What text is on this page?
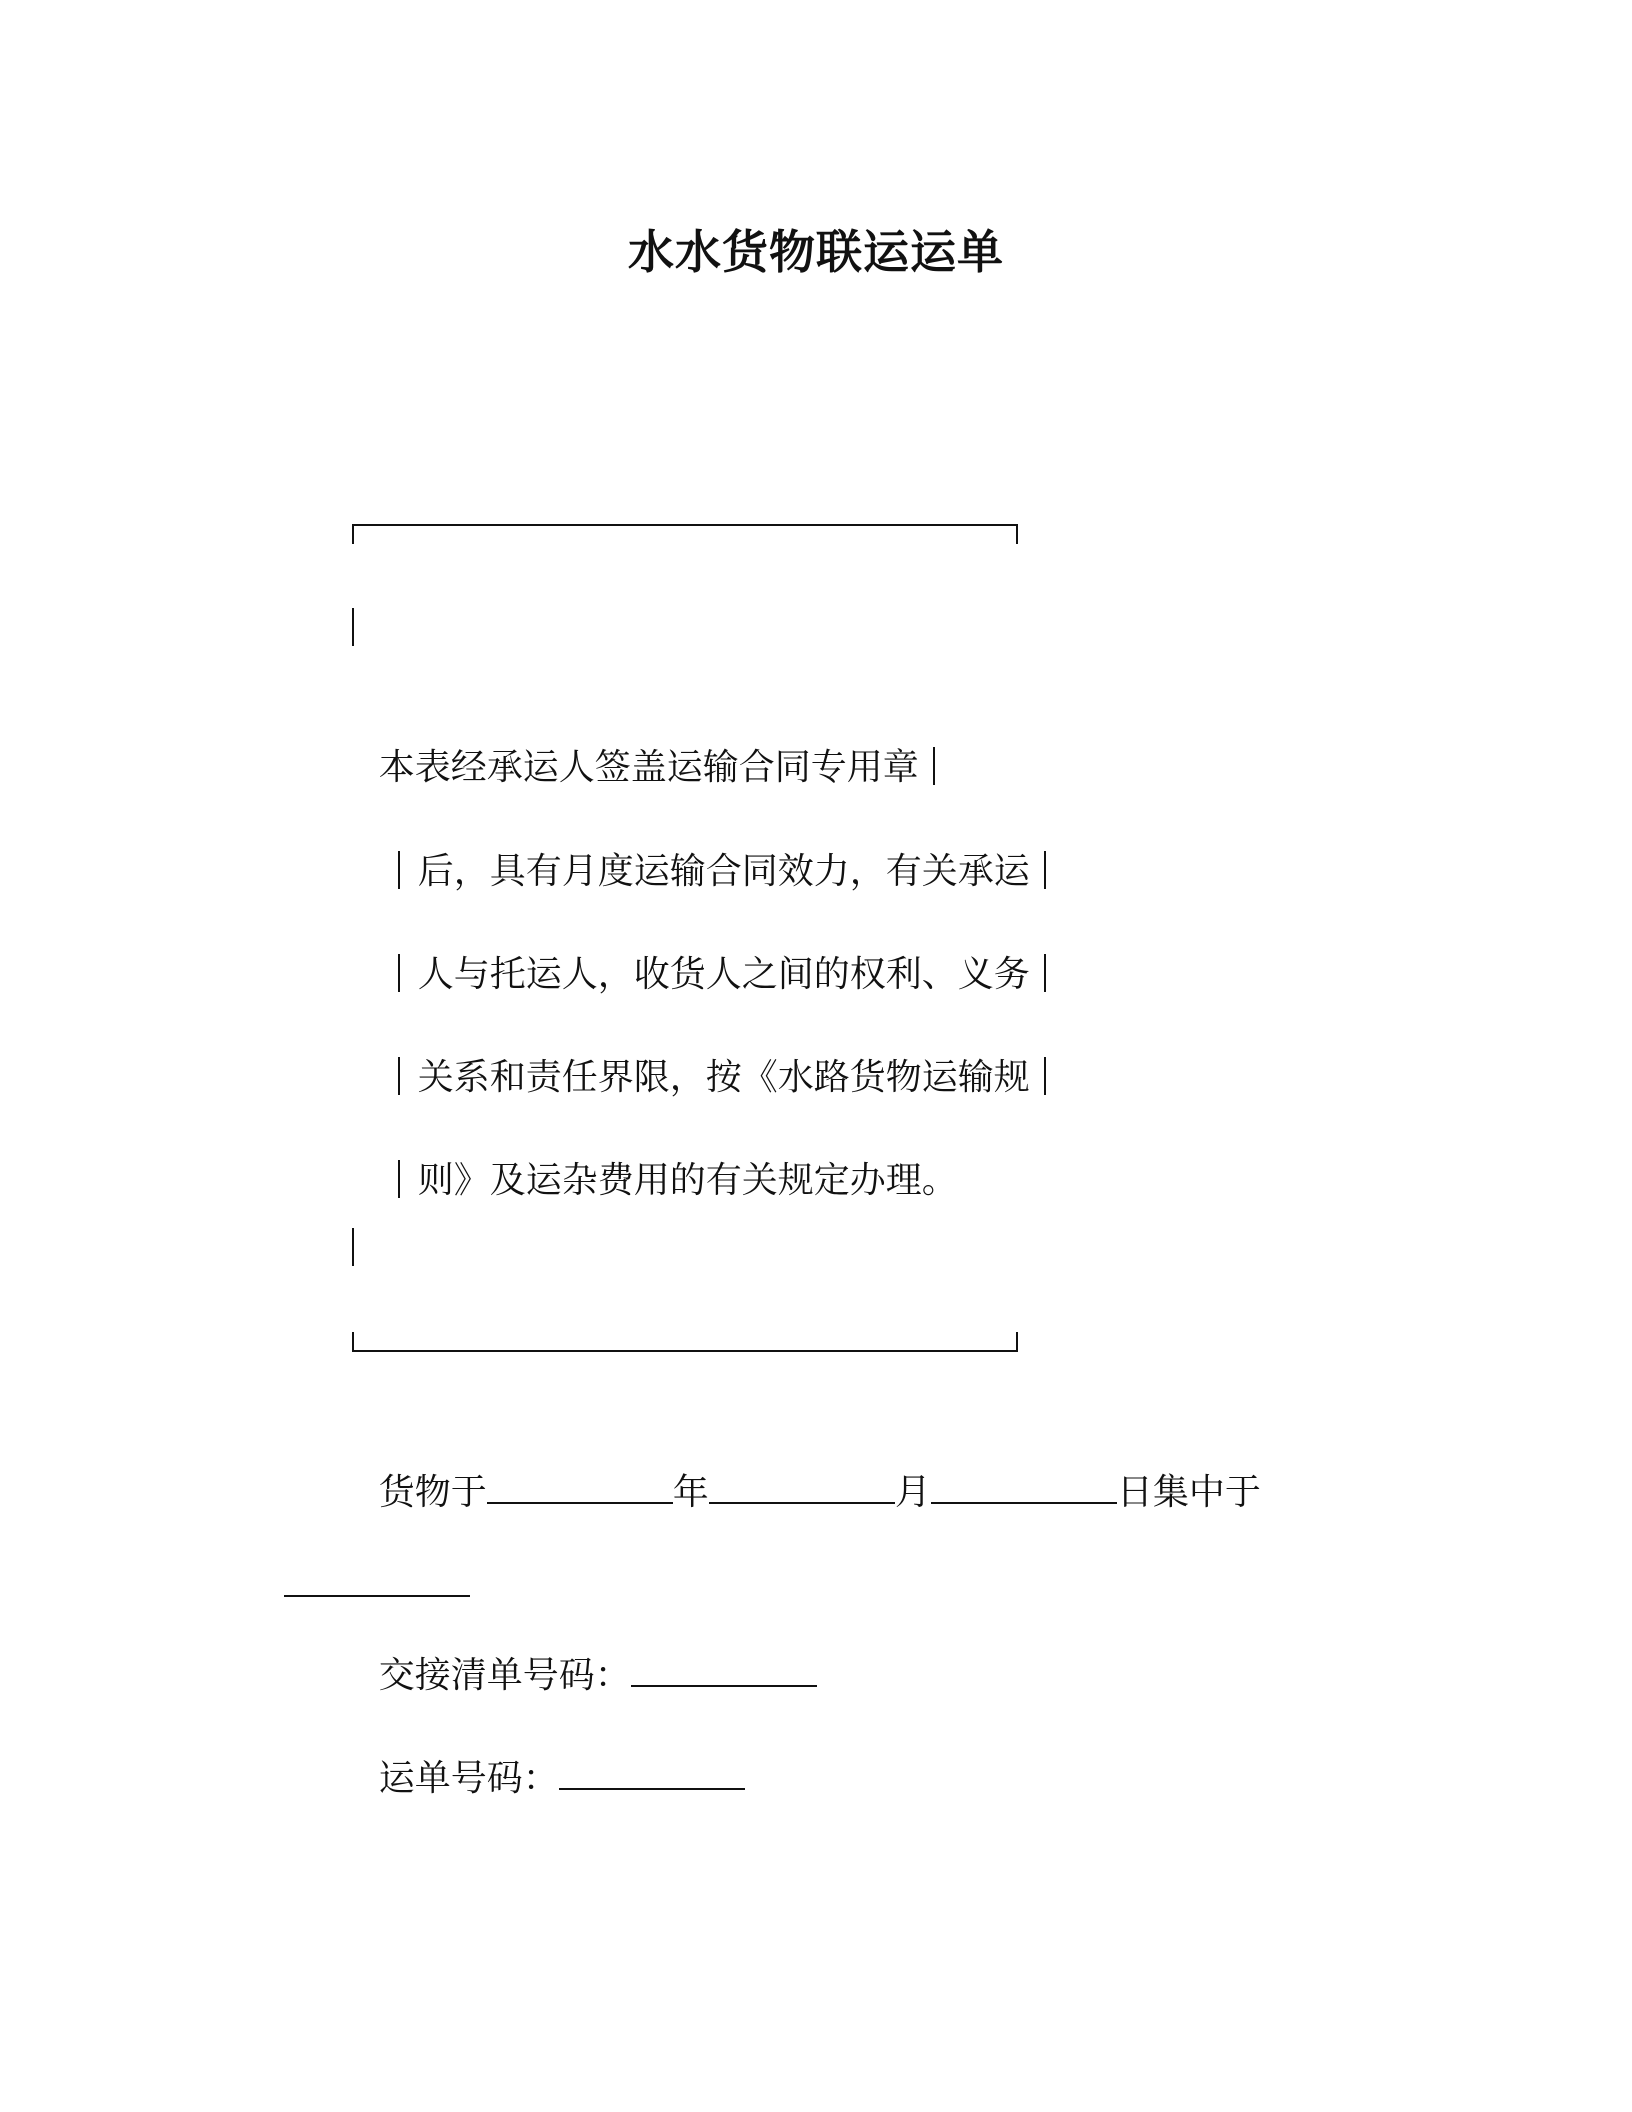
水水货物联运运单

本表经承运人签盖运输合同专用章

后，具有月度运输合同效力，有关承运

人与托运人，收货人之间的权利、义务

关系和责任界限，按《水路货物运输规

则》及运杂费用的有关规定办理。

货物于	年	月	日集中于

交接清单号码：

运单号码：
